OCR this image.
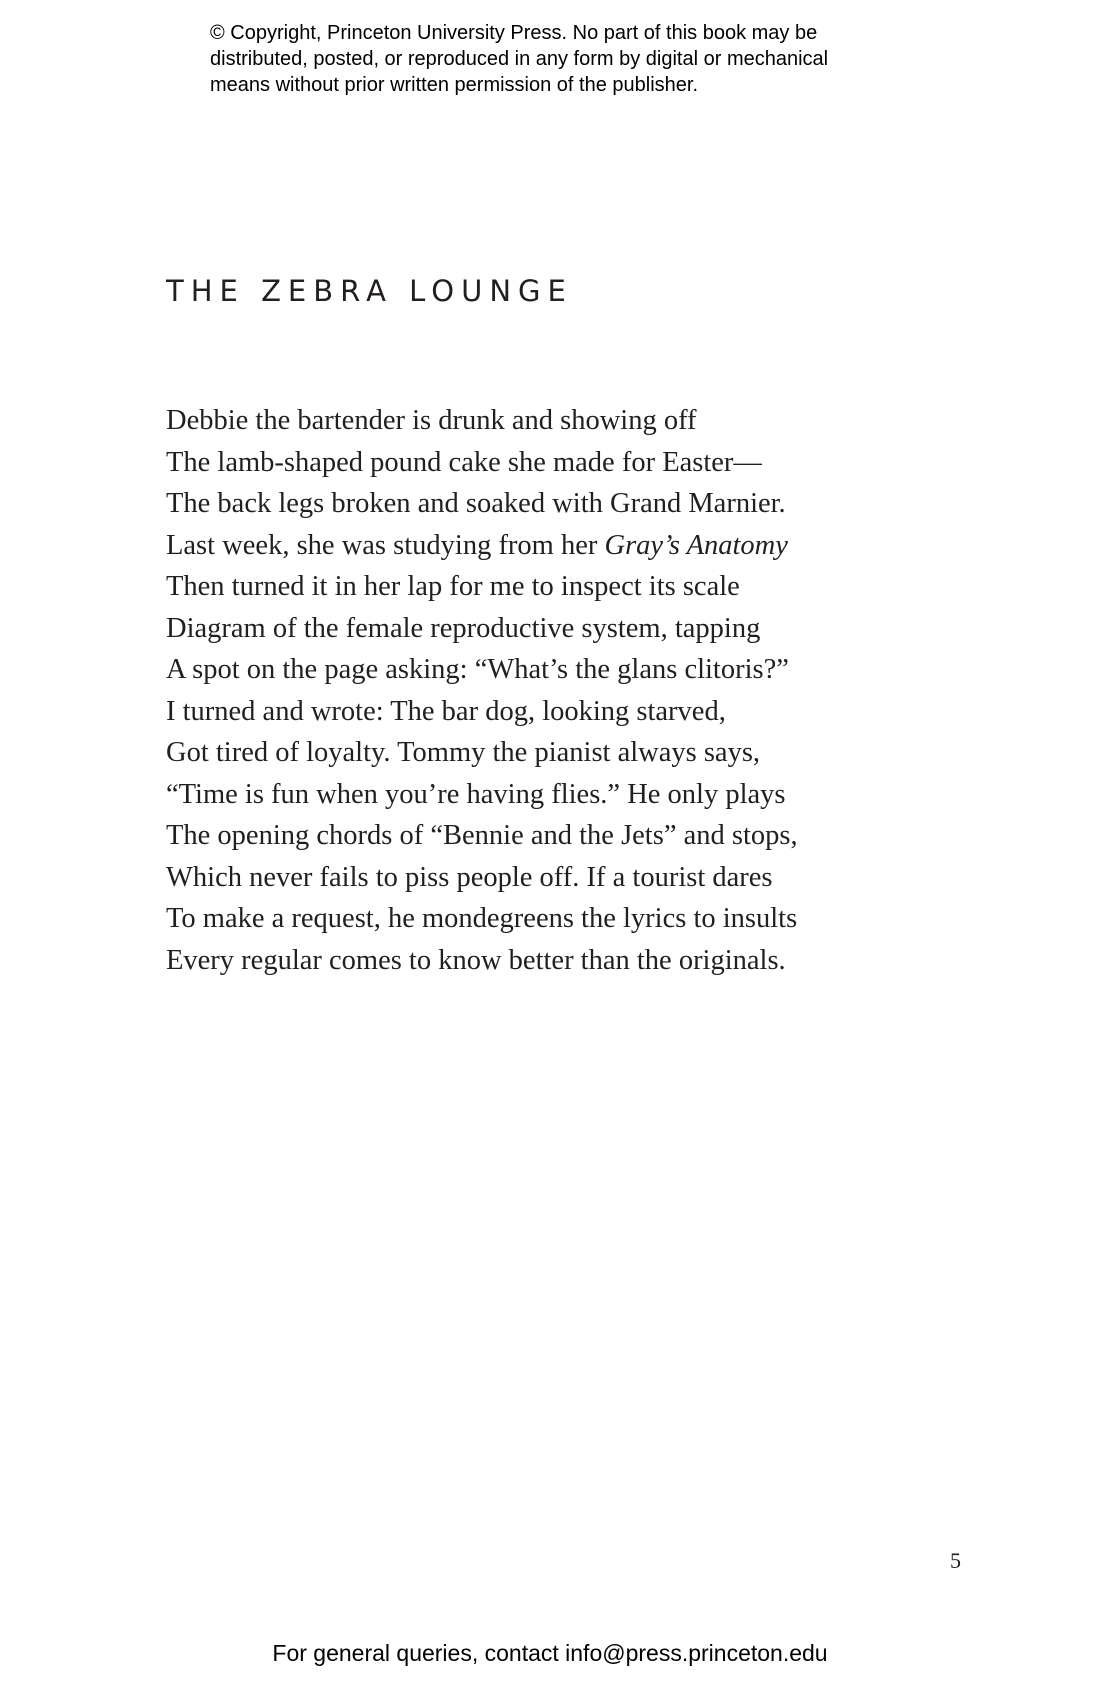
© Copyright, Princeton University Press. No part of this book may be
distributed, posted, or reproduced in any form by digital or mechanical
means without prior written permission of the publisher.
THE ZEBRA LOUNGE
Debbie the bartender is drunk and showing off
The lamb-shaped pound cake she made for Easter—
The back legs broken and soaked with Grand Marnier.
Last week, she was studying from her Gray’s Anatomy
Then turned it in her lap for me to inspect its scale
Diagram of the female reproductive system, tapping
A spot on the page asking: “What’s the glans clitoris?”
I turned and wrote: The bar dog, looking starved,
Got tired of loyalty. Tommy the pianist always says,
“Time is fun when you’re having flies.” He only plays
The opening chords of “Bennie and the Jets” and stops,
Which never fails to piss people off. If a tourist dares
To make a request, he mondegreens the lyrics to insults
Every regular comes to know better than the originals.
5
For general queries, contact info@press.princeton.edu
